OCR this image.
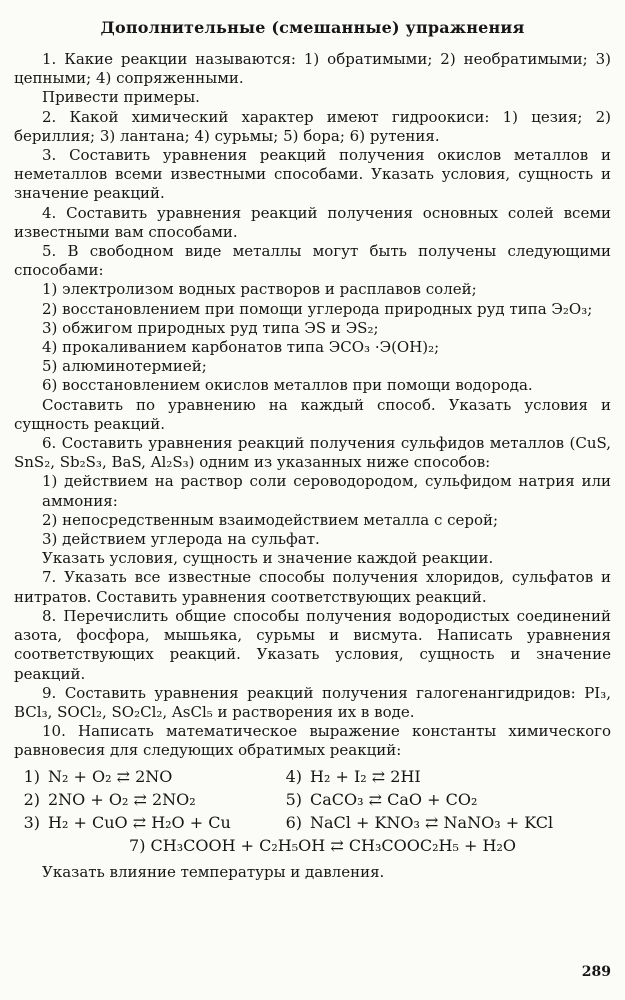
Дополнительные (смешанные) упражнения
1. Какие реакции называются: 1) обратимыми; 2) необратимыми; 3) цепными; 4) сопряженными.
Привести примеры.
2. Какой химический характер имеют гидроокиси: 1) цезия; 2) бериллия; 3) лантана; 4) сурьмы; 5) бора; 6) рутения.
3. Составить уравнения реакций получения окислов металлов и неметаллов всеми известными способами. Указать условия, сущность и значение реакций.
4. Составить уравнения реакций получения основных солей всеми известными вам способами.
5. В свободном виде металлы могут быть получены следующими способами:
1) электролизом водных растворов и расплавов солей;
2) восстановлением при помощи углерода природных руд типа Э₂О₃;
3) обжигом природных руд типа ЭS и ЭS₂;
4) прокаливанием карбонатов типа ЭСО₃ ·Э(ОН)₂;
5) алюминотермией;
6) восстановлением окислов металлов при помощи водорода.
Составить по уравнению на каждый способ. Указать условия и сущность реакций.
6. Составить уравнения реакций получения сульфидов металлов (CuS, SnS₂, Sb₂S₃, BaS, Al₂S₃) одним из указанных ниже способов:
1) действием на раствор соли сероводородом, сульфидом натрия или аммония:
2) непосредственным взаимодействием металла с серой;
3) действием углерода на сульфат.
Указать условия, сущность и значение каждой реакции.
7. Указать все известные способы получения хлоридов, сульфатов и нитратов. Составить уравнения соответствующих реакций.
8. Перечислить общие способы получения водородистых соединений азота, фосфора, мышьяка, сурьмы и висмута. Написать уравнения соответствующих реакций. Указать условия, сущность и значение реакций.
9. Составить уравнения реакций получения галогенангидридов: PI₃, BCl₃, SOCl₂, SO₂Cl₂, AsCl₅ и растворения их в воде.
10. Написать математическое выражение константы химического равновесия для следующих обратимых реакций:
1) N₂ + O₂ ⇄ 2NO	4) H₂ + I₂ ⇄ 2HI
2) 2NO + O₂ ⇄ 2NO₂	5) CaCO₃ ⇄ CaO + CO₂
3) H₂ + CuO ⇄ H₂O + Cu	6) NaCl + KNO₃ ⇄ NaNO₃ + KCl
7) CH₃COOH + C₂H₅OH ⇄ CH₃COOC₂H₅ + H₂O
Указать влияние температуры и давления.
289
